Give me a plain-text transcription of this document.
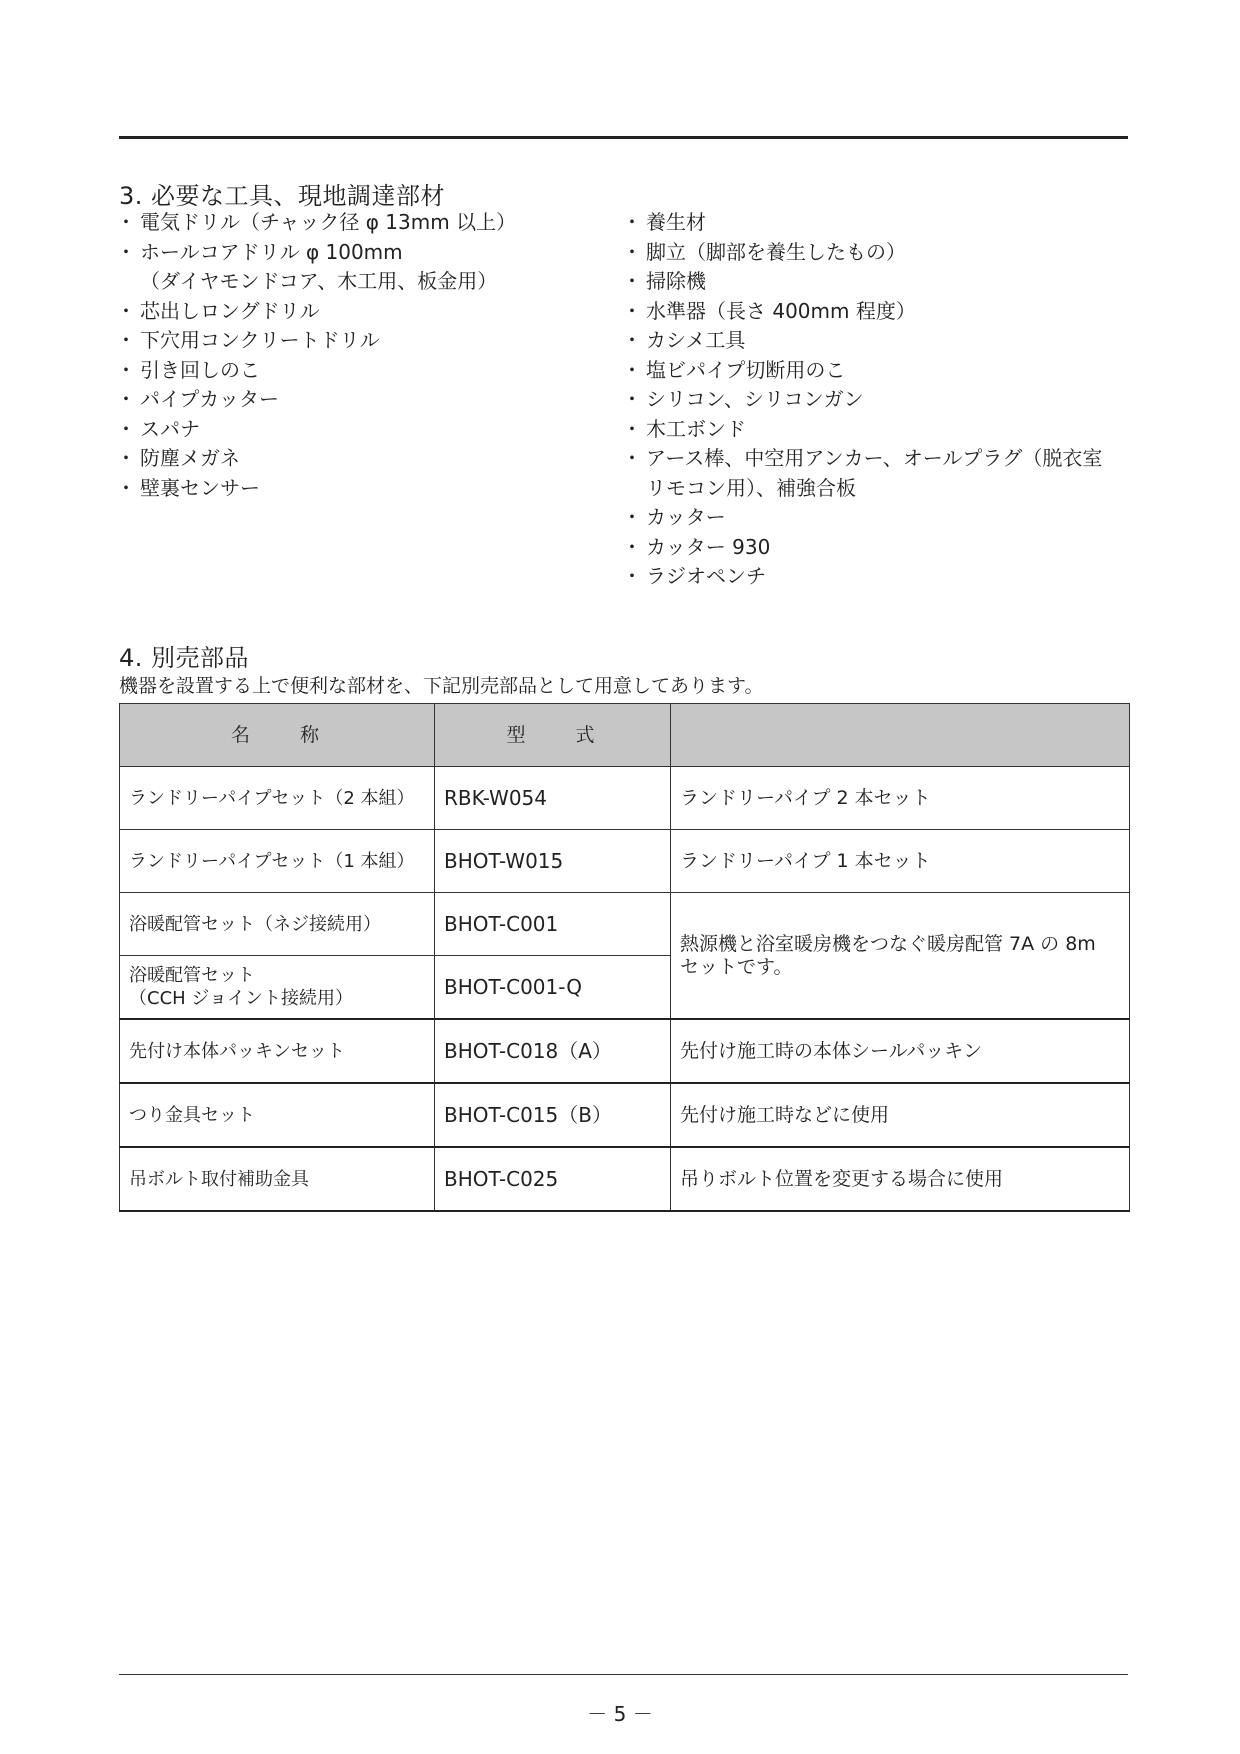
3. 必要な工具、現地調達部材
・ 電気ドリル（チャック径 φ 13mm 以上）
・ ホールコアドリル φ 100mm
（ダイヤモンドコア、木工用、板金用）
・ 芯出しロングドリル
・ 下穴用コンクリートドリル
・ 引き回しのこ
・ パイプカッター
・ スパナ
・ 防塵メガネ
・ 壁裏センサー
・ 養生材
・ 脚立（脚部を養生したもの）
・ 掃除機
・ 水準器（長さ 400mm 程度）
・ カシメ工具
・ 塩ビパイプ切断用のこ
・ シリコン、シリコンガン
・ 木工ボンド
・ アース棒、中空用アンカー、オールプラグ（脱衣室
リモコン用）、補強合板
・ カッター
・ カッター 930
・ ラジオペンチ
4. 別売部品

機器を設置する上で便利な部材を、下記別売部品として用意してあります。

名　　称	型　　式	
ランドリーパイプセット（2 本組）	RBK-W054	ランドリーパイプ 2 本セット
ランドリーパイプセット（1 本組）	BHOT-W015	ランドリーパイプ 1 本セット
浴暖配管セット（ネジ接続用）	BHOT-C001	熱源機と浴室暖房機をつなぐ暖房配管 7A の 8m セットです。
浴暖配管セット
（CCH ジョイント接続用）	BHOT-C001-Q	
先付け本体パッキンセット	BHOT-C018（A）	先付け施工時の本体シールパッキン
つり金具セット	BHOT-C015（B）	先付け施工時などに使用
吊ボルト取付補助金具	BHOT-C025	吊りボルト位置を変更する場合に使用
－ 5 －
